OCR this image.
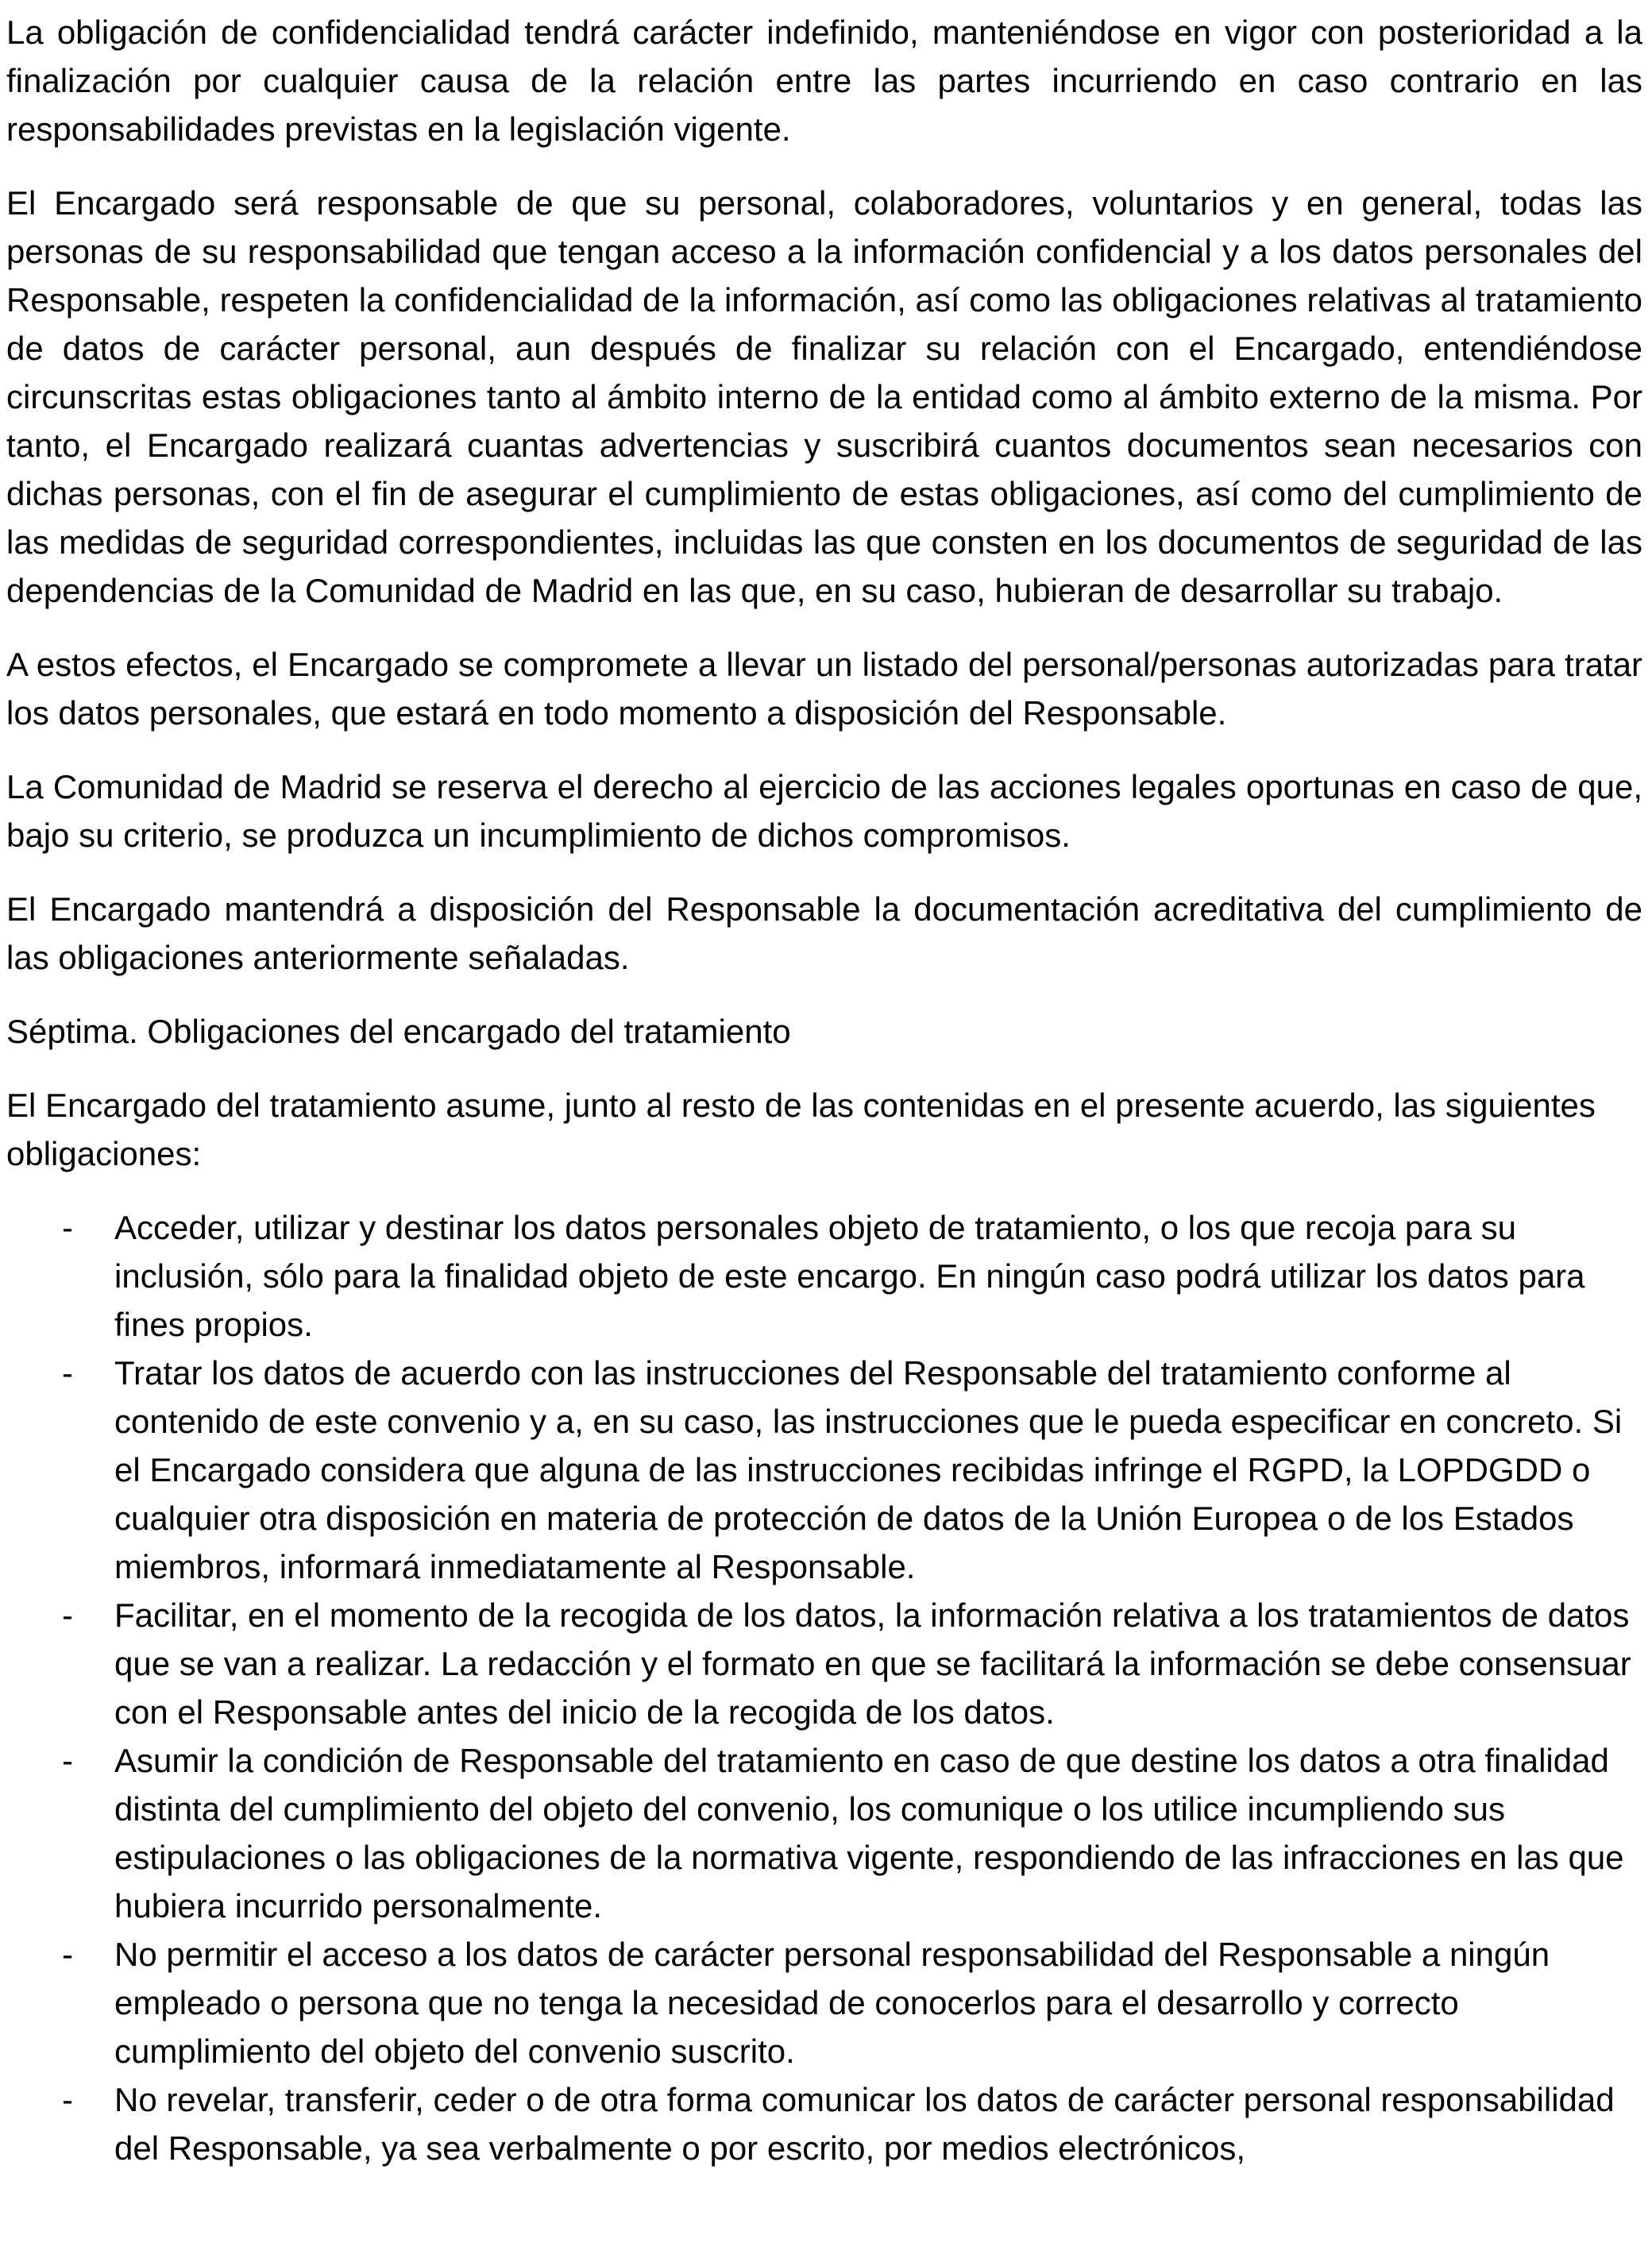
La obligación de confidencialidad tendrá carácter indefinido, manteniéndose en vigor con posterioridad a la finalización por cualquier causa de la relación entre las partes incurriendo en caso contrario en las responsabilidades previstas en la legislación vigente.

El Encargado será responsable de que su personal, colaboradores, voluntarios y en general, todas las personas de su responsabilidad que tengan acceso a la información confidencial y a los datos personales del Responsable, respeten la confidencialidad de la información, así como las obligaciones relativas al tratamiento de datos de carácter personal, aun después de finalizar su relación con el Encargado, entendiéndose circunscritas estas obligaciones tanto al ámbito interno de la entidad como al ámbito externo de la misma. Por tanto, el Encargado realizará cuantas advertencias y suscribirá cuantos documentos sean necesarios con dichas personas, con el fin de asegurar el cumplimiento de estas obligaciones, así como del cumplimiento de las medidas de seguridad correspondientes, incluidas las que consten en los documentos de seguridad de las dependencias de la Comunidad de Madrid en las que, en su caso, hubieran de desarrollar su trabajo.

A estos efectos, el Encargado se compromete a llevar un listado del personal/personas autorizadas para tratar los datos personales, que estará en todo momento a disposición del Responsable.

La Comunidad de Madrid se reserva el derecho al ejercicio de las acciones legales oportunas en caso de que, bajo su criterio, se produzca un incumplimiento de dichos compromisos.

El Encargado mantendrá a disposición del Responsable la documentación acreditativa del cumplimiento de las obligaciones anteriormente señaladas.

Séptima. Obligaciones del encargado del tratamiento

El Encargado del tratamiento asume, junto al resto de las contenidas en el presente acuerdo, las siguientes obligaciones:

- Acceder, utilizar y destinar los datos personales objeto de tratamiento, o los que recoja para su inclusión, sólo para la finalidad objeto de este encargo. En ningún caso podrá utilizar los datos para fines propios.
- Tratar los datos de acuerdo con las instrucciones del Responsable del tratamiento conforme al contenido de este convenio y a, en su caso, las instrucciones que le pueda especificar en concreto. Si el Encargado considera que alguna de las instrucciones recibidas infringe el RGPD, la LOPDGDD o cualquier otra disposición en materia de protección de datos de la Unión Europea o de los Estados miembros, informará inmediatamente al Responsable.
- Facilitar, en el momento de la recogida de los datos, la información relativa a los tratamientos de datos que se van a realizar. La redacción y el formato en que se facilitará la información se debe consensuar con el Responsable antes del inicio de la recogida de los datos.
- Asumir la condición de Responsable del tratamiento en caso de que destine los datos a otra finalidad distinta del cumplimiento del objeto del convenio, los comunique o los utilice incumpliendo sus estipulaciones o las obligaciones de la normativa vigente, respondiendo de las infracciones en las que hubiera incurrido personalmente.
- No permitir el acceso a los datos de carácter personal responsabilidad del Responsable a ningún empleado o persona que no tenga la necesidad de conocerlos para el desarrollo y correcto cumplimiento del objeto del convenio suscrito.
- No revelar, transferir, ceder o de otra forma comunicar los datos de carácter personal responsabilidad del Responsable, ya sea verbalmente o por escrito, por medios electrónicos,
